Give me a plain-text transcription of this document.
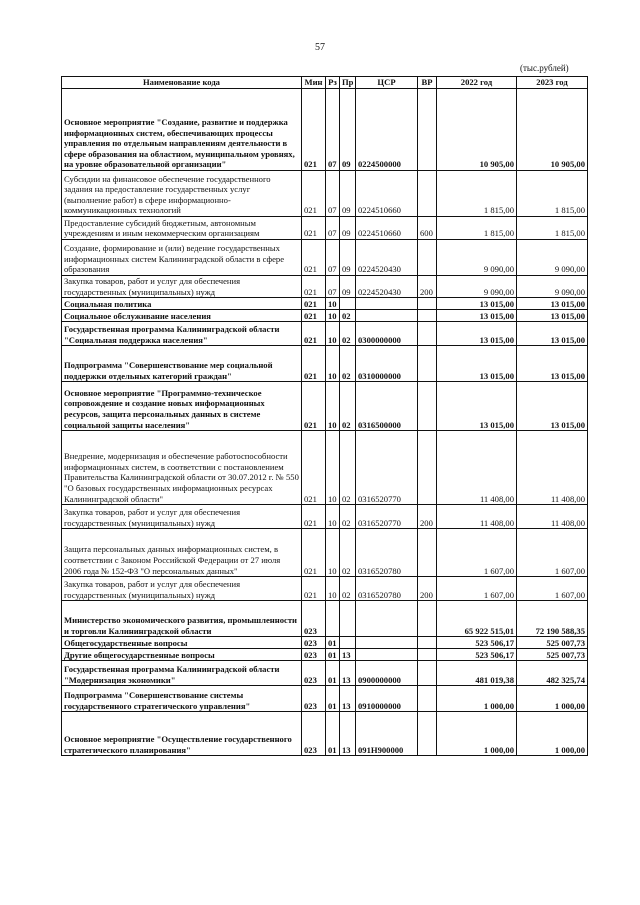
57
(тыс.рублей)
Наименование кода	Мин	Рз	Пр	ЦСР	ВР	2022 год	2023 год
Основное мероприятие "Создание, развитие и поддержка информационных систем, обеспечивающих процессы управления по отдельным направлениям деятельности в сфере образования на областном, муниципальном уровнях, на уровне образовательной организации"	021	07	09	0224500000		10 905,00	10 905,00
Субсидии на финансовое обеспечение государственного задания на предоставление государственных услуг (выполнение работ) в сфере информационно-коммуникационных технологий	021	07	09	0224510660		1 815,00	1 815,00
Предоставление субсидий бюджетным, автономным учреждениям и иным некоммерческим организациям	021	07	09	0224510660	600	1 815,00	1 815,00
Создание, формирование и (или) ведение государственных информационных систем Калининградской области в сфере образования	021	07	09	0224520430		9 090,00	9 090,00
Закупка товаров, работ и услуг для обеспечения государственных (муниципальных) нужд	021	07	09	0224520430	200	9 090,00	9 090,00
Социальная политика	021	10				13 015,00	13 015,00
Социальное обслуживание населения	021	10	02			13 015,00	13 015,00
Государственная программа Калининградской области "Социальная поддержка населения"	021	10	02	0300000000		13 015,00	13 015,00
Подпрограмма "Совершенствование мер социальной поддержки отдельных категорий граждан"	021	10	02	0310000000		13 015,00	13 015,00
Основное мероприятие "Программно-техническое сопровождение и создание новых информационных ресурсов, защита персональных данных в системе социальной защиты населения"	021	10	02	0316500000		13 015,00	13 015,00
Внедрение, модернизация и обеспечение работоспособности информационных систем, в соответствии с постановлением Правительства Калининградской области от 30.07.2012 г. № 550 "О базовых государственных информационных ресурсах Калининградской области"	021	10	02	0316520770		11 408,00	11 408,00
Закупка товаров, работ и услуг для обеспечения государственных (муниципальных) нужд	021	10	02	0316520770	200	11 408,00	11 408,00
Защита персональных данных информационных систем, в соответствии с Законом Российской Федерации от 27 июля 2006 года № 152-ФЗ "О персональных данных"	021	10	02	0316520780		1 607,00	1 607,00
Закупка товаров, работ и услуг для обеспечения государственных (муниципальных) нужд	021	10	02	0316520780	200	1 607,00	1 607,00
Министерство экономического развития, промышленности и торговли Калининградской области	023					65 922 515,01	72 190 588,35
Общегосударственные вопросы	023	01				523 506,17	525 007,73
Другие общегосударственные вопросы	023	01	13			523 506,17	525 007,73
Государственная программа Калининградской области "Модернизация экономики"	023	01	13	0900000000		481 019,38	482 325,74
Подпрограмма "Совершенствование системы государственного стратегического управления"	023	01	13	0910000000		1 000,00	1 000,00
Основное мероприятие "Осуществление государственного стратегического планирования"	023	01	13	091Н900000		1 000,00	1 000,00
